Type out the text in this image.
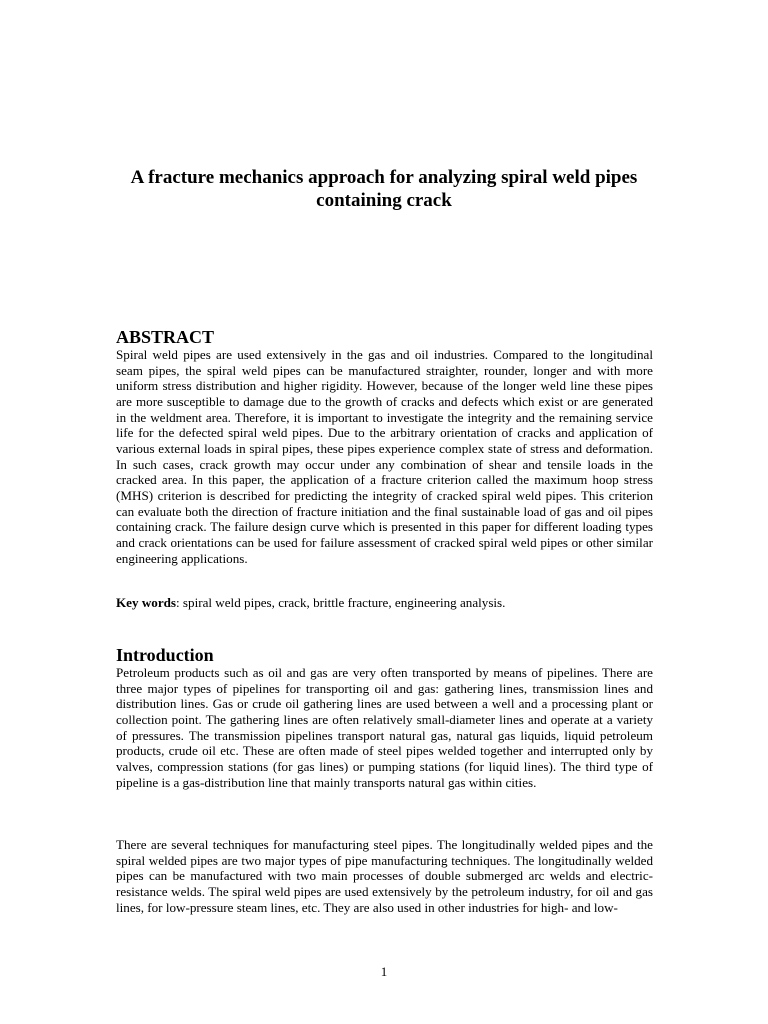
A fracture mechanics approach for analyzing spiral weld pipes containing crack
ABSTRACT

Spiral weld pipes are used extensively in the gas and oil industries. Compared to the longitudinal seam pipes, the spiral weld pipes can be manufactured straighter, rounder, longer and with more uniform stress distribution and higher rigidity. However, because of the longer weld line these pipes are more susceptible to damage due to the growth of cracks and defects which exist or are generated in the weldment area. Therefore, it is important to investigate the integrity and the remaining service life for the defected spiral weld pipes. Due to the arbitrary orientation of cracks and application of various external loads in spiral pipes, these pipes experience complex state of stress and deformation. In such cases, crack growth may occur under any combination of shear and tensile loads in the cracked area. In this paper, the application of a fracture criterion called the maximum hoop stress (MHS) criterion is described for predicting the integrity of cracked spiral weld pipes. This criterion can evaluate both the direction of fracture initiation and the final sustainable load of gas and oil pipes containing crack. The failure design curve which is presented in this paper for different loading types and crack orientations can be used for failure assessment of cracked spiral weld pipes or other similar engineering applications.

Key words: spiral weld pipes, crack, brittle fracture, engineering analysis.
Introduction

Petroleum products such as oil and gas are very often transported by means of pipelines. There are three major types of pipelines for transporting oil and gas: gathering lines, transmission lines and distribution lines. Gas or crude oil gathering lines are used between a well and a processing plant or collection point. The gathering lines are often relatively small-diameter lines and operate at a variety of pressures. The transmission pipelines transport natural gas, natural gas liquids, liquid petroleum products, crude oil etc. These are often made of steel pipes welded together and interrupted only by valves, compression stations (for gas lines) or pumping stations (for liquid lines). The third type of pipeline is a gas-distribution line that mainly transports natural gas within cities.

There are several techniques for manufacturing steel pipes. The longitudinally welded pipes and the spiral welded pipes are two major types of pipe manufacturing techniques. The longitudinally welded pipes can be manufactured with two main processes of double submerged arc welds and electric-resistance welds. The spiral weld pipes are used extensively by the petroleum industry, for oil and gas lines, for low-pressure steam lines, etc. They are also used in other industries for high- and low-

1
